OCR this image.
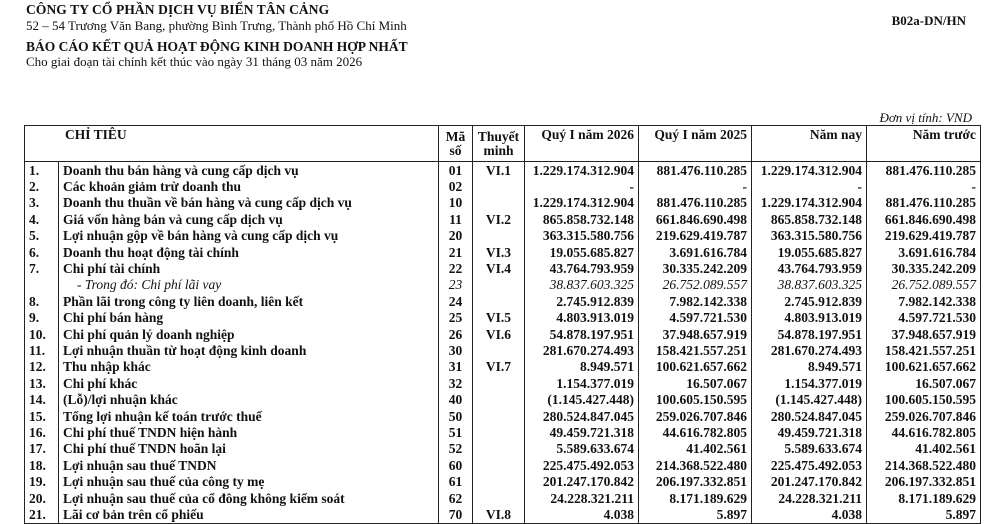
CÔNG TY CỔ PHẦN DỊCH VỤ BIỂN TÂN CẢNG
52 – 54 Trương Văn Bang, phường Bình Trưng, Thành phố Hồ Chí Minh	B02a-DN/HN
BÁO CÁO KẾT QUẢ HOẠT ĐỘNG KINH DOANH HỢP NHẤT
Cho giai đoạn tài chính kết thúc vào ngày 31 tháng 03 năm 2026
Đơn vị tính: VND
CHỈ TIÊU		Mã số	Thuyết minh	Quý I năm 2026	Quý I năm 2025	Năm nay	Năm trước
1.	Doanh thu bán hàng và cung cấp dịch vụ	01	VI.1	1.229.174.312.904	881.476.110.285	1.229.174.312.904	881.476.110.285
2.	Các khoản giảm trừ doanh thu	02		-	-	-	-
3.	Doanh thu thuần về bán hàng và cung cấp dịch vụ	10		1.229.174.312.904	881.476.110.285	1.229.174.312.904	881.476.110.285
4.	Giá vốn hàng bán và cung cấp dịch vụ	11	VI.2	865.858.732.148	661.846.690.498	865.858.732.148	661.846.690.498
5.	Lợi nhuận gộp về bán hàng và cung cấp dịch vụ	20		363.315.580.756	219.629.419.787	363.315.580.756	219.629.419.787
6.	Doanh thu hoạt động tài chính	21	VI.3	19.055.685.827	3.691.616.784	19.055.685.827	3.691.616.784
7.	Chi phí tài chính	22	VI.4	43.764.793.959	30.335.242.209	43.764.793.959	30.335.242.209
	- Trong đó: Chi phí lãi vay	23		38.837.603.325	26.752.089.557	38.837.603.325	26.752.089.557
8.	Phần lãi trong công ty liên doanh, liên kết	24		2.745.912.839	7.982.142.338	2.745.912.839	7.982.142.338
9.	Chi phí bán hàng	25	VI.5	4.803.913.019	4.597.721.530	4.803.913.019	4.597.721.530
10.	Chi phí quản lý doanh nghiệp	26	VI.6	54.878.197.951	37.948.657.919	54.878.197.951	37.948.657.919
11.	Lợi nhuận thuần từ hoạt động kinh doanh	30		281.670.274.493	158.421.557.251	281.670.274.493	158.421.557.251
12.	Thu nhập khác	31	VI.7	8.949.571	100.621.657.662	8.949.571	100.621.657.662
13.	Chi phí khác	32		1.154.377.019	16.507.067	1.154.377.019	16.507.067
14.	(Lỗ)/lợi nhuận khác	40		(1.145.427.448)	100.605.150.595	(1.145.427.448)	100.605.150.595
15.	Tổng lợi nhuận kế toán trước thuế	50		280.524.847.045	259.026.707.846	280.524.847.045	259.026.707.846
16.	Chi phí thuế TNDN hiện hành	51		49.459.721.318	44.616.782.805	49.459.721.318	44.616.782.805
17.	Chi phí thuế TNDN hoãn lại	52		5.589.633.674	41.402.561	5.589.633.674	41.402.561
18.	Lợi nhuận sau thuế TNDN	60		225.475.492.053	214.368.522.480	225.475.492.053	214.368.522.480
19.	Lợi nhuận sau thuế của công ty mẹ	61		201.247.170.842	206.197.332.851	201.247.170.842	206.197.332.851
20.	Lợi nhuận sau thuế của cổ đông không kiểm soát	62		24.228.321.211	8.171.189.629	24.228.321.211	8.171.189.629
21.	Lãi cơ bản trên cổ phiếu	70	VI.8	4.038	5.897	4.038	5.897
